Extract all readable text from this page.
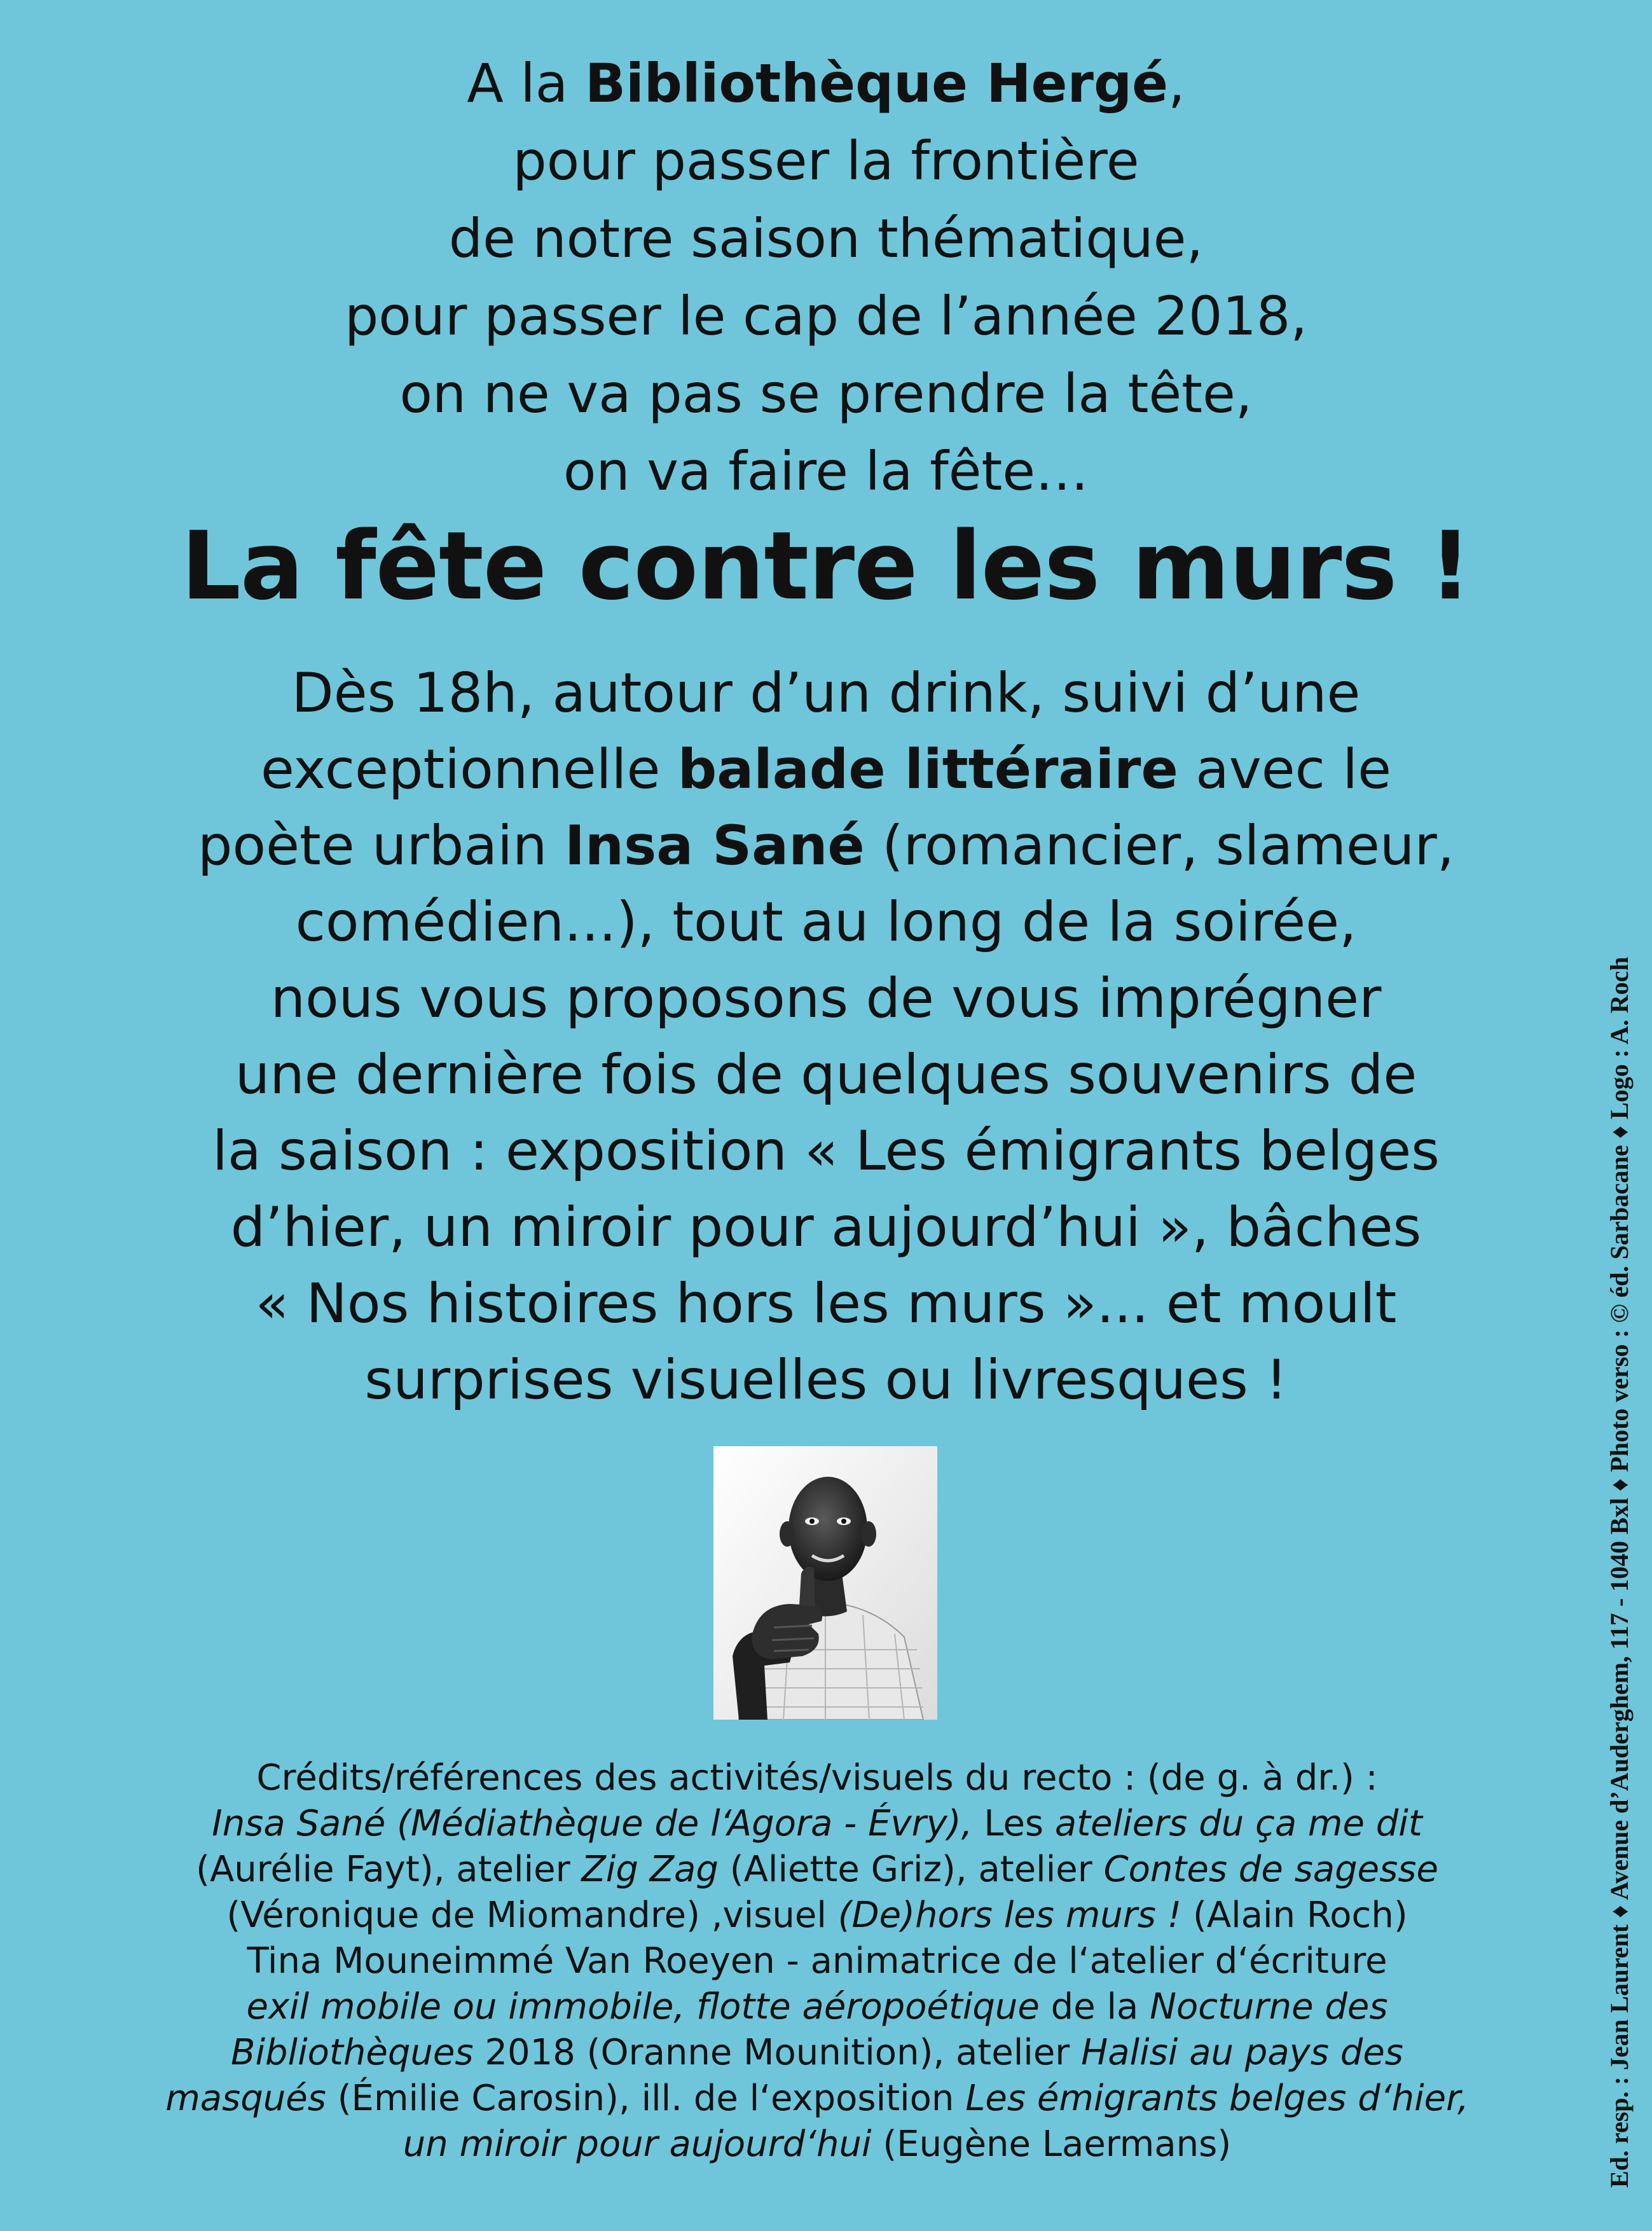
A la Bibliothèque Hergé,
pour passer la frontière
de notre saison thématique,
pour passer le cap de l’année 2018,
on ne va pas se prendre la tête,
on va faire la fête…
La fête contre les murs !
Dès 18h, autour d’un drink, suivi d’une
exceptionnelle balade littéraire avec le
poète urbain Insa Sané (romancier, slameur,
comédien...), tout au long de la soirée,
nous vous proposons de vous imprégner
une dernière fois de quelques souvenirs de
la saison : exposition « Les émigrants belges
d’hier, un miroir pour aujourd’hui », bâches
« Nos histoires hors les murs »... et moult
surprises visuelles ou livresques !
Crédits/références des activités/visuels du recto : (de g. à dr.) :
Insa Sané (Médiathèque de l‘Agora - Évry), Les ateliers du ça me dit
(Aurélie Fayt), atelier Zig Zag (Aliette Griz), atelier Contes de sagesse
(Véronique de Miomandre) ,visuel (De)hors les murs ! (Alain Roch)
Tina Mouneimmé Van Roeyen - animatrice de l‘atelier d‘écriture
exil mobile ou immobile, flotte aéropoétique de la Nocturne des
Bibliothèques 2018 (Oranne Mounition), atelier Halisi au pays des
masqués (Émilie Carosin), ill. de l‘exposition Les émigrants belges d‘hier,
un miroir pour aujourd‘hui (Eugène Laermans)	Ed. resp. : Jean Laurent ♦ Avenue d’Auderghem, 117 - 1040 Bxl ♦ Photo verso : © éd. Sarbacane ♦ Logo : A. Roch
